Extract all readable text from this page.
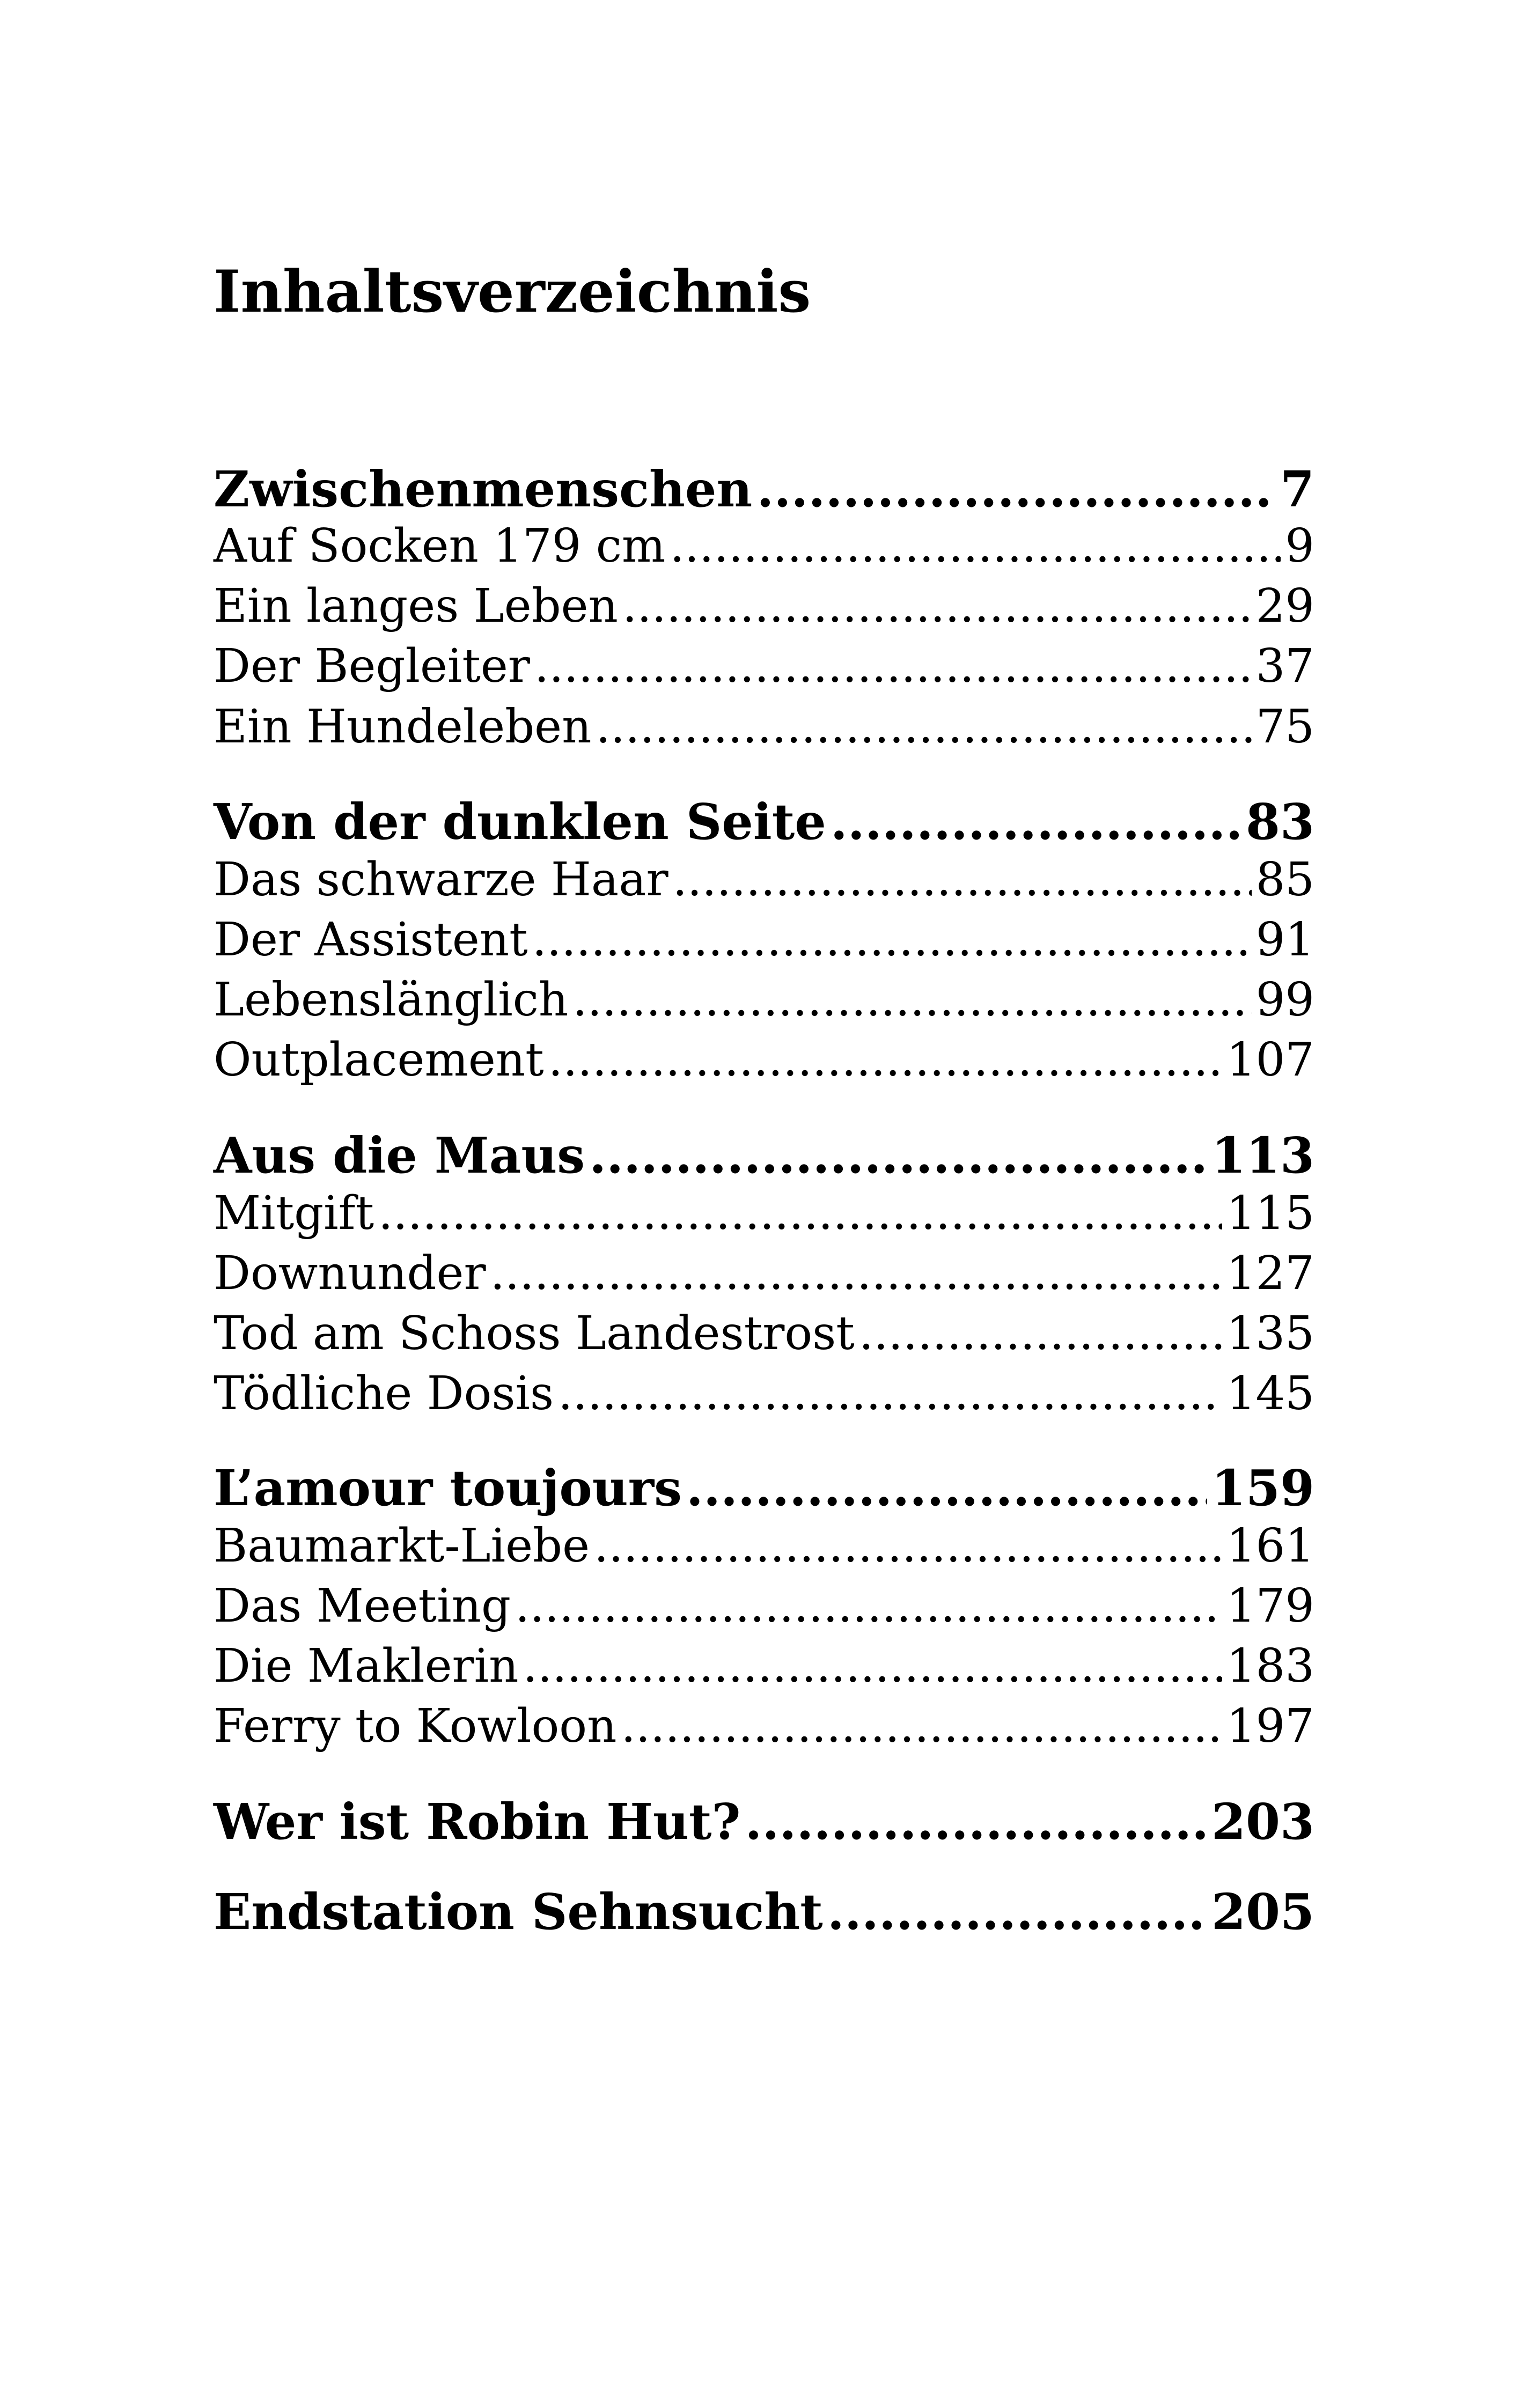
Inhaltsverzeichnis
Zwischenmenschen .....	7
Auf Socken 179 cm .....	9
Ein langes Leben .....	29
Der Begleiter .....	37
Ein Hundeleben .....	75
Von der dunklen Seite .....	83
Das schwarze Haar .....	85
Der Assistent .....	91
Lebenslänglich .....	99
Outplacement .....	107
Aus die Maus .....	113
Mitgift .....	115
Downunder .....	127
Tod am Schoss Landestrost .....	135
Tödliche Dosis .....	145
L’amour toujours .....	159
Baumarkt-Liebe .....	161
Das Meeting .....	179
Die Maklerin .....	183
Ferry to Kowloon .....	197
Wer ist Robin Hut? .....	203
Endstation Sehnsucht .....	205
